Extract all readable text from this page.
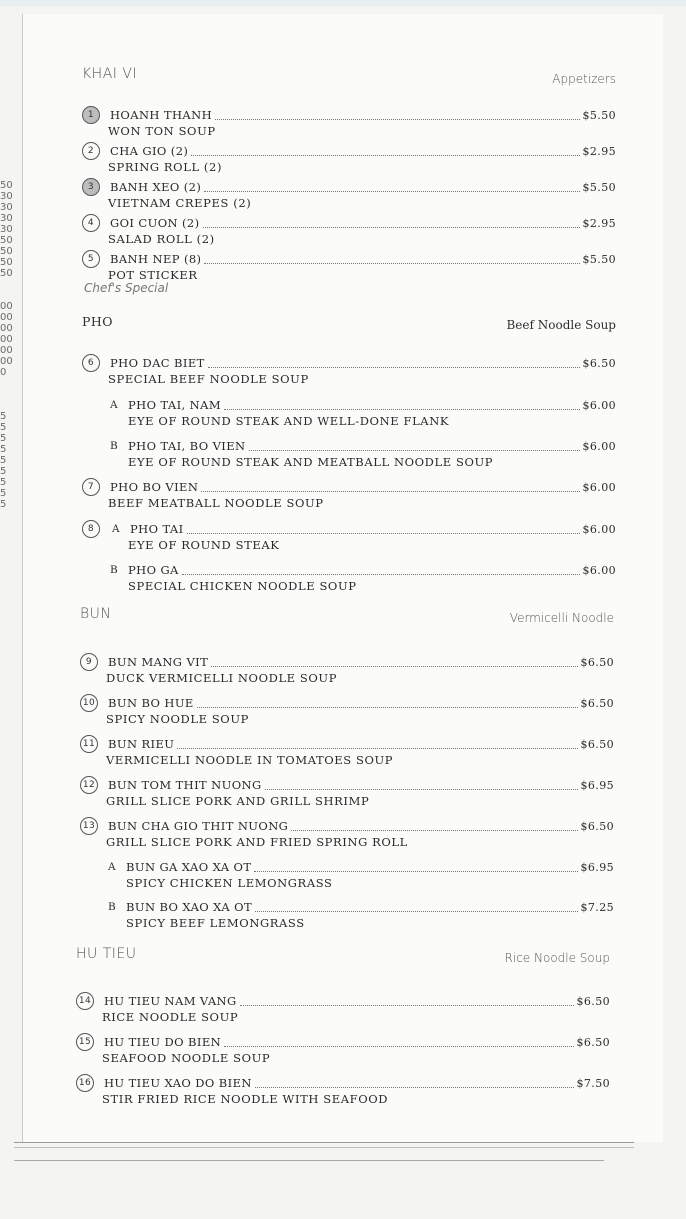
50
30
30
30
30
50
50
50
50

00
00
00
00
00
00
0

5
5
5
5
5
5
5
5
5
KHAI VI	Appetizers
1	HOANH THANH	$5.50
WON TON SOUP
2	CHA GIO (2)	$2.95
SPRING ROLL (2)
3	BANH XEO (2)	$5.50
VIETNAM CREPES (2)
4	GOI CUON (2)	$2.95
SALAD ROLL (2)
5	BANH NEP (8)	$5.50
POT STICKER
Chef's Special
PHO	Beef Noodle Soup
6	PHO DAC BIET	$6.50
SPECIAL BEEF NOODLE SOUP
A PHO TAI, NAM	$6.00
EYE OF ROUND STEAK AND WELL-DONE FLANK
B PHO TAI, BO VIEN	$6.00
EYE OF ROUND STEAK AND MEATBALL NOODLE SOUP
7	PHO BO VIEN	$6.00
BEEF MEATBALL NOODLE SOUP
8	A PHO TAI	$6.00
EYE OF ROUND STEAK
B PHO GA	$6.00
SPECIAL CHICKEN NOODLE SOUP
BUN	Vermicelli Noodle
9	BUN MANG VIT	$6.50
DUCK VERMICELLI NOODLE SOUP
10 BUN BO HUE	$6.50
SPICY NOODLE SOUP
11 BUN RIEU	$6.50
VERMICELLI NOODLE IN TOMATOES SOUP
12 BUN TOM THIT NUONG	$6.95
GRILL SLICE PORK AND GRILL SHRIMP
13 BUN CHA GIO THIT NUONG	$6.50
GRILL SLICE PORK AND FRIED SPRING ROLL
A BUN GA XAO XA OT	$6.95
SPICY CHICKEN LEMONGRASS
B BUN BO XAO XA OT	$7.25
SPICY BEEF LEMONGRASS
HU TIEU	Rice Noodle Soup
14 HU TIEU NAM VANG	$6.50
RICE NOODLE SOUP
15 HU TIEU DO BIEN	$6.50
SEAFOOD NOODLE SOUP
16 HU TIEU XAO DO BIEN	$7.50
STIR FRIED RICE NOODLE WITH SEAFOOD
